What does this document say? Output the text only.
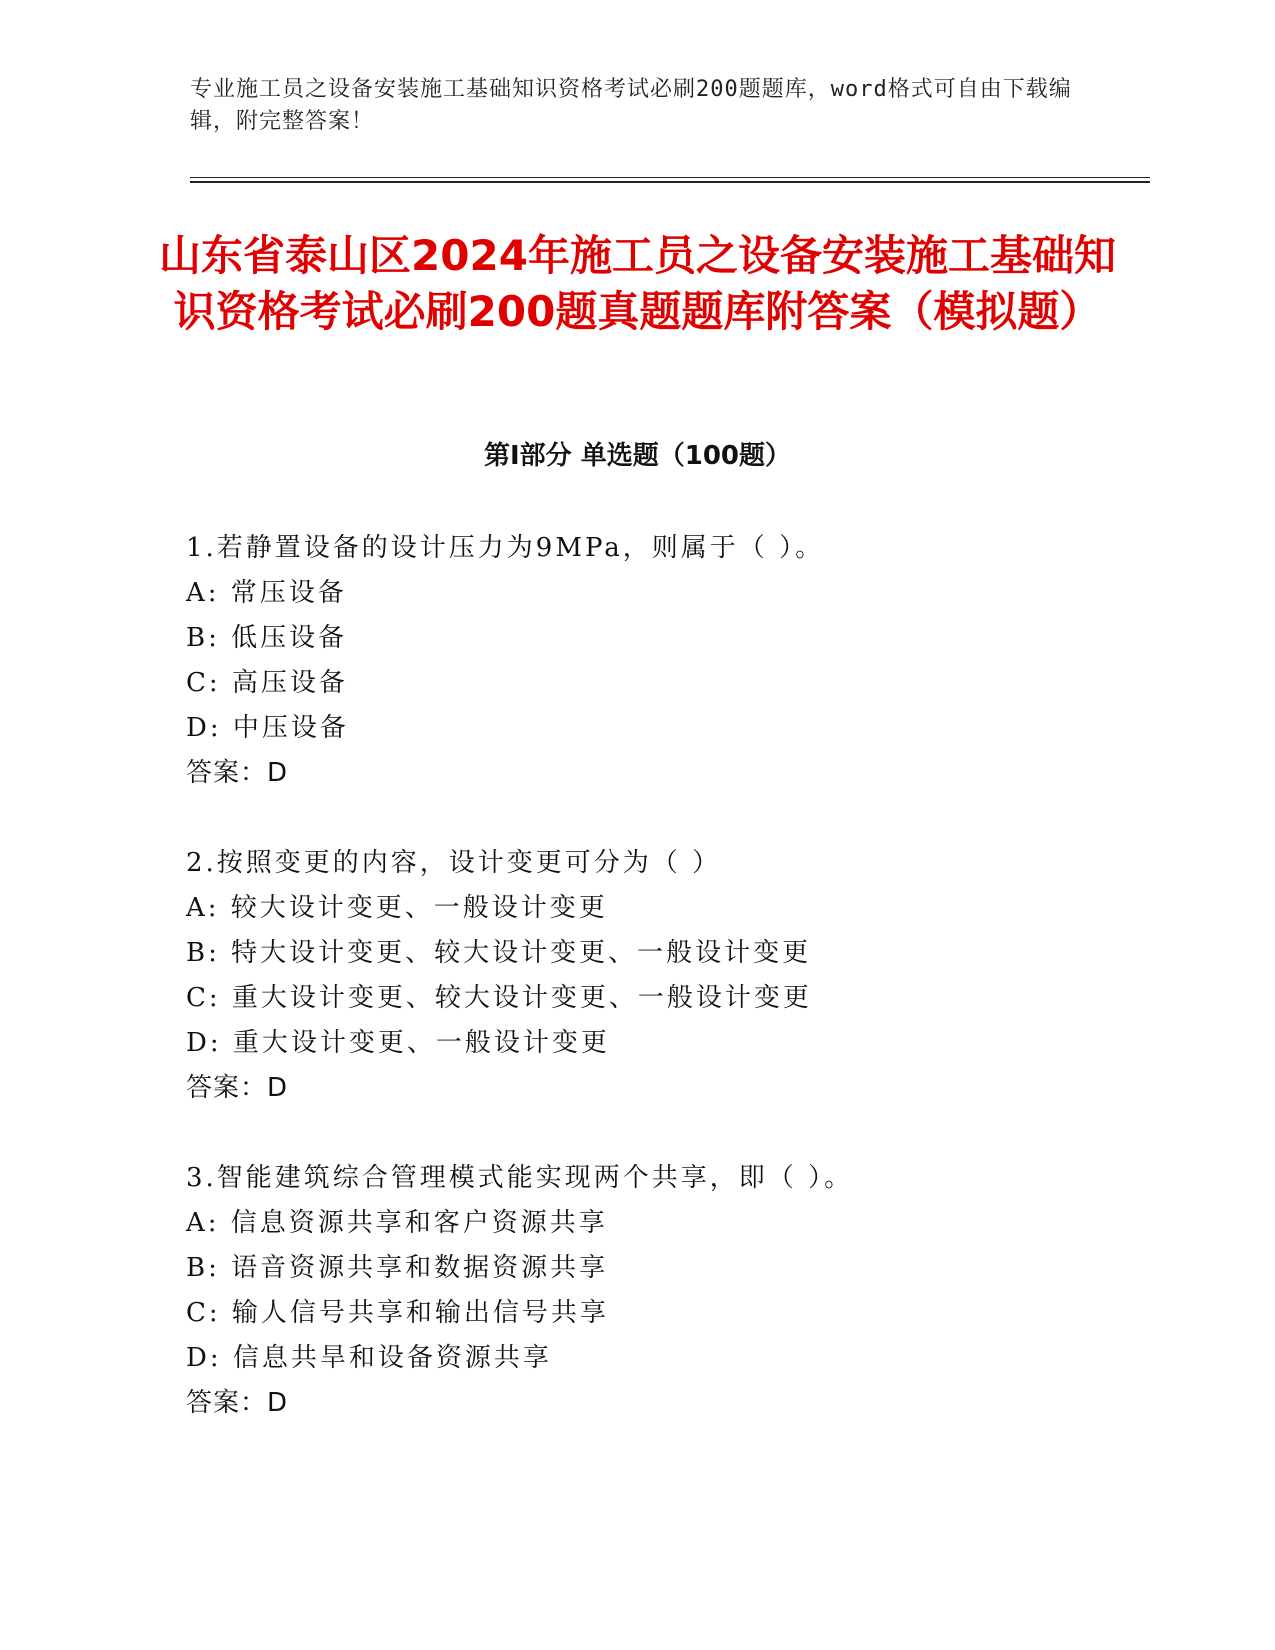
专业施工员之设备安装施工基础知识资格考试必刷200题题库，word格式可自由下载编辑，附完整答案！
山东省泰山区2024年施工员之设备安装施工基础知识资格考试必刷200题真题题库附答案（模拟题）
第Ⅰ部分 单选题（100题）
1.若静置设备的设计压力为9MPa，则属于（ ）。
A: 常压设备
B: 低压设备
C: 高压设备
D: 中压设备
答案：D
2.按照变更的内容，设计变更可分为（ ）
A: 较大设计变更、一般设计变更
B: 特大设计变更、较大设计变更、一般设计变更
C: 重大设计变更、较大设计变更、一般设计变更
D: 重大设计变更、一般设计变更
答案：D
3.智能建筑综合管理模式能实现两个共享，即（ ）。
A: 信息资源共享和客户资源共享
B: 语音资源共享和数据资源共享
C: 输人信号共享和输出信号共享
D: 信息共旱和设备资源共享
答案：D
